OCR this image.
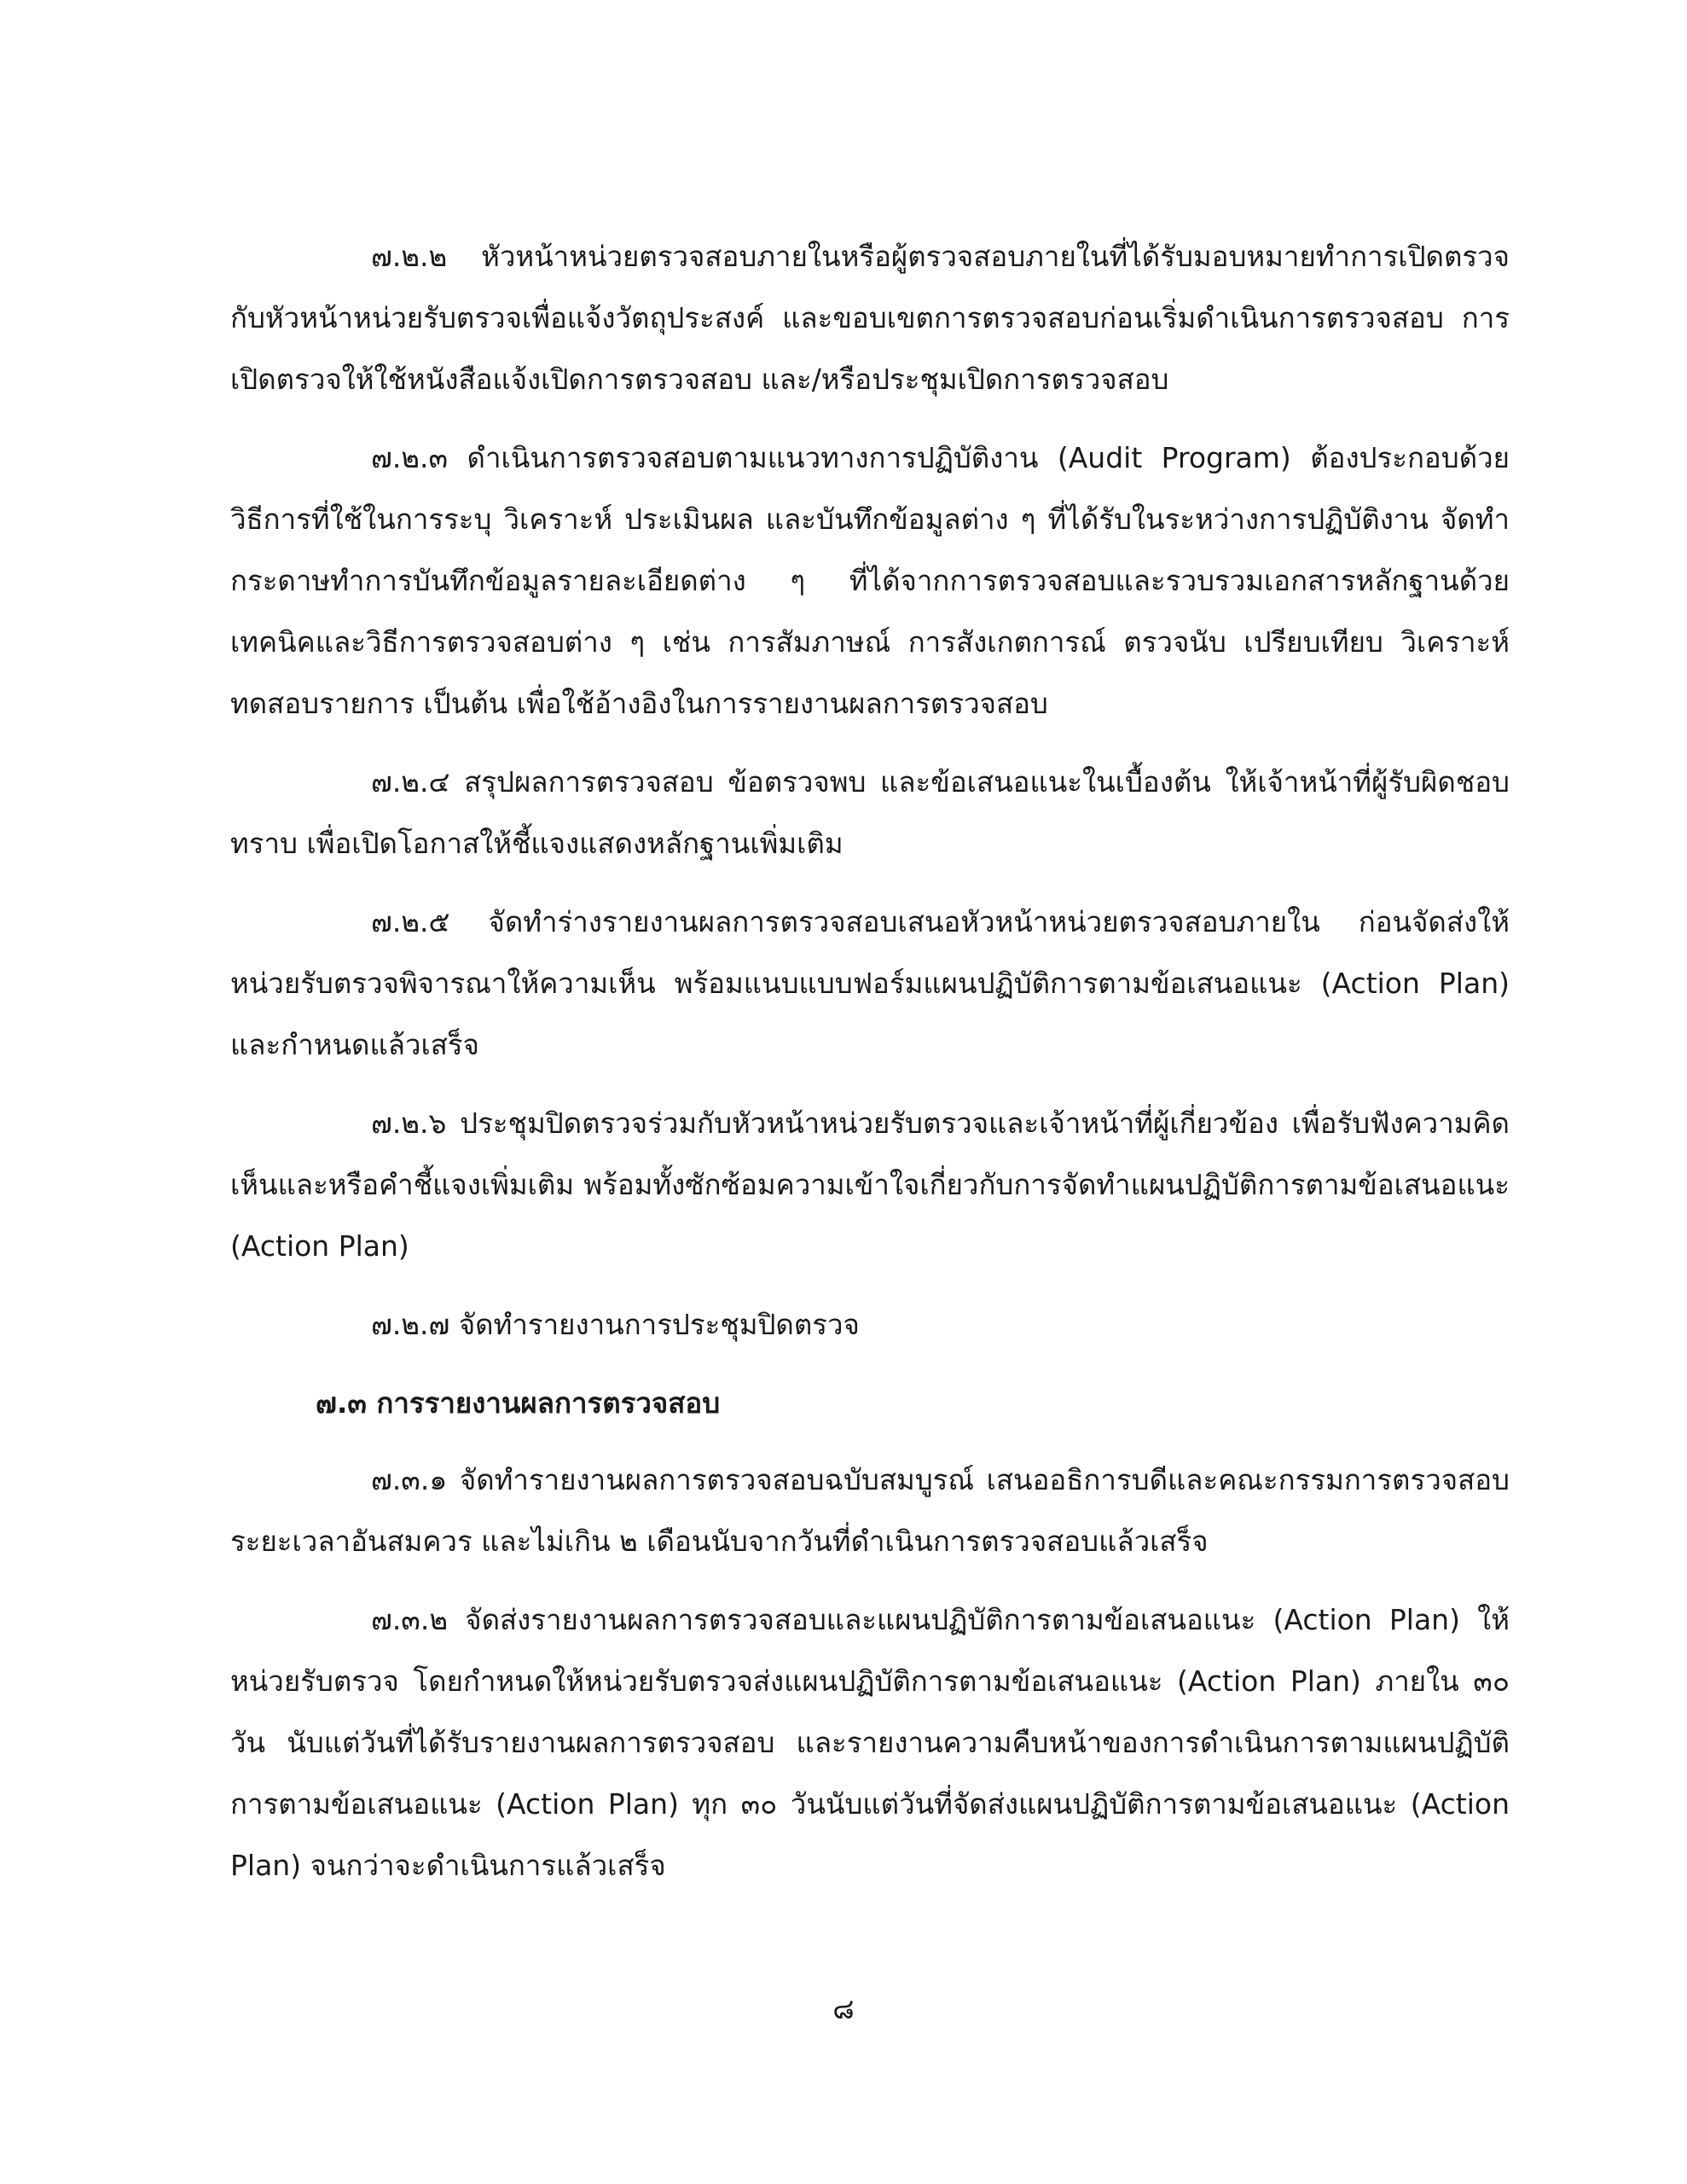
๗.๒.๒ หัวหน้าหน่วยตรวจสอบภายในหรือผู้ตรวจสอบภายในที่ได้รับมอบหมายทำการเปิดตรวจกับหัวหน้าหน่วยรับตรวจเพื่อแจ้งวัตถุประสงค์ และขอบเขตการตรวจสอบก่อนเริ่มดำเนินการตรวจสอบ การเปิดตรวจให้ใช้หนังสือแจ้งเปิดการตรวจสอบ และ/หรือประชุมเปิดการตรวจสอบ

๗.๒.๓ ดำเนินการตรวจสอบตามแนวทางการปฏิบัติงาน (Audit Program) ต้องประกอบด้วย วิธีการที่ใช้ในการระบุ วิเคราะห์ ประเมินผล และบันทึกข้อมูลต่าง ๆ ที่ได้รับในระหว่างการปฏิบัติงาน จัดทำกระดาษทำการบันทึกข้อมูลรายละเอียดต่าง ๆ ที่ได้จากการตรวจสอบและรวบรวมเอกสารหลักฐานด้วยเทคนิคและวิธีการตรวจสอบต่าง ๆ เช่น การสัมภาษณ์ การสังเกตการณ์ ตรวจนับ เปรียบเทียบ วิเคราะห์ ทดสอบรายการ เป็นต้น เพื่อใช้อ้างอิงในการรายงานผลการตรวจสอบ

๗.๒.๔ สรุปผลการตรวจสอบ ข้อตรวจพบ และข้อเสนอแนะในเบื้องต้น ให้เจ้าหน้าที่ผู้รับผิดชอบทราบ เพื่อเปิดโอกาสให้ชี้แจงแสดงหลักฐานเพิ่มเติม

๗.๒.๕ จัดทำร่างรายงานผลการตรวจสอบเสนอหัวหน้าหน่วยตรวจสอบภายใน ก่อนจัดส่งให้หน่วยรับตรวจพิจารณาให้ความเห็น พร้อมแนบแบบฟอร์มแผนปฏิบัติการตามข้อเสนอแนะ (Action Plan) และกำหนดแล้วเสร็จ

๗.๒.๖ ประชุมปิดตรวจร่วมกับหัวหน้าหน่วยรับตรวจและเจ้าหน้าที่ผู้เกี่ยวข้อง เพื่อรับฟังความคิดเห็นและหรือคำชี้แจงเพิ่มเติม พร้อมทั้งซักซ้อมความเข้าใจเกี่ยวกับการจัดทำแผนปฏิบัติการตามข้อเสนอแนะ (Action Plan)

๗.๒.๗ จัดทำรายงานการประชุมปิดตรวจ

๗.๓ การรายงานผลการตรวจสอบ

๗.๓.๑ จัดทำรายงานผลการตรวจสอบฉบับสมบูรณ์ เสนออธิการบดีและคณะกรรมการตรวจสอบระยะเวลาอันสมควร และไม่เกิน ๒ เดือนนับจากวันที่ดำเนินการตรวจสอบแล้วเสร็จ

๗.๓.๒ จัดส่งรายงานผลการตรวจสอบและแผนปฏิบัติการตามข้อเสนอแนะ (Action Plan) ให้หน่วยรับตรวจ โดยกำหนดให้หน่วยรับตรวจส่งแผนปฏิบัติการตามข้อเสนอแนะ (Action Plan) ภายใน ๓๐ วัน นับแต่วันที่ได้รับรายงานผลการตรวจสอบ และรายงานความคืบหน้าของการดำเนินการตามแผนปฏิบัติการตามข้อเสนอแนะ (Action Plan) ทุก ๓๐ วันนับแต่วันที่จัดส่งแผนปฏิบัติการตามข้อเสนอแนะ (Action Plan) จนกว่าจะดำเนินการแล้วเสร็จ

๘
